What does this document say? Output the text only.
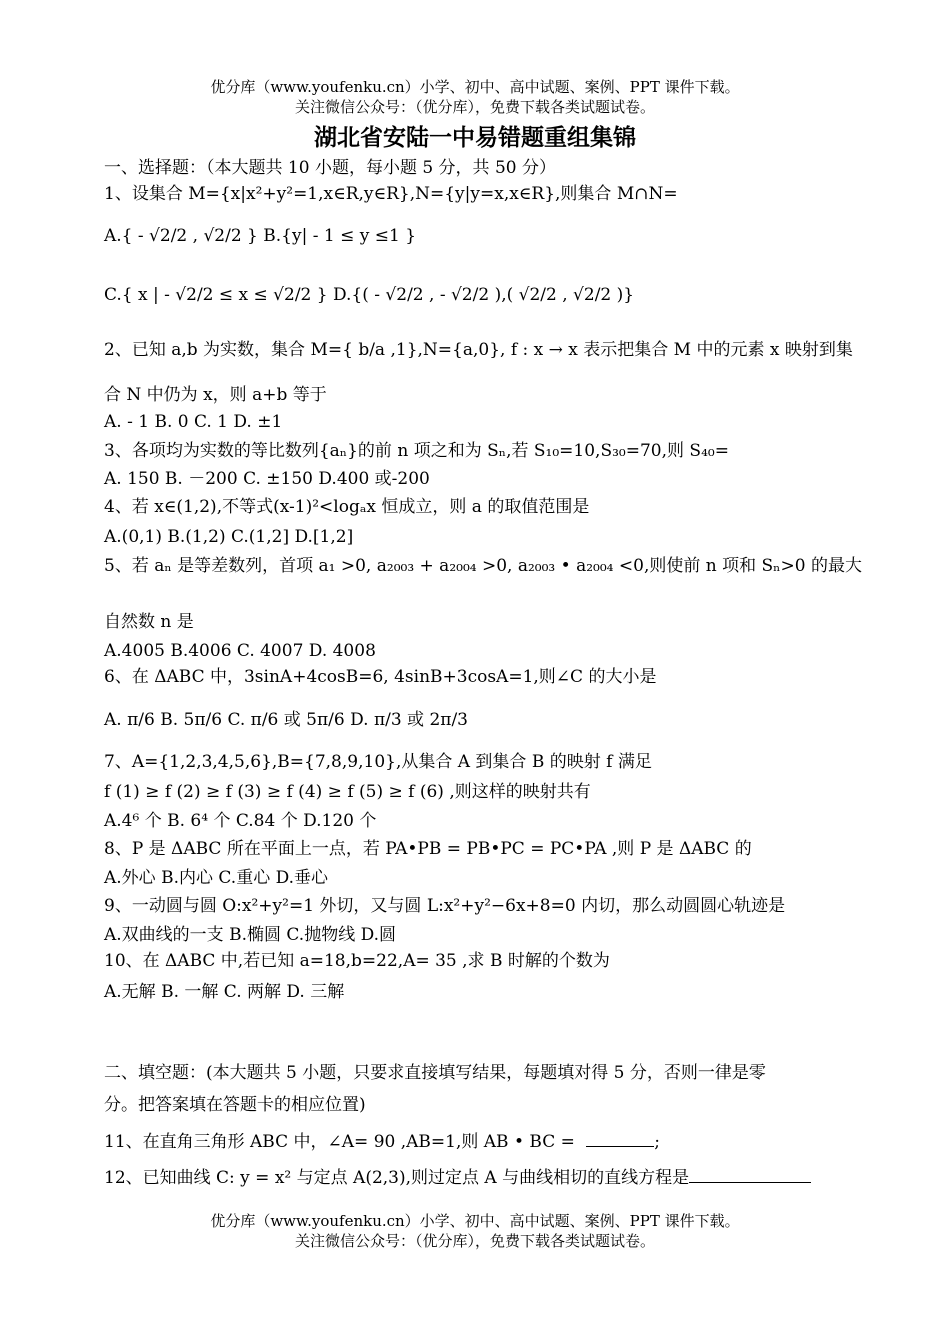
优分库（www.youfenku.cn）小学、初中、高中试题、案例、PPT 课件下载。
关注微信公众号：（优分库），免费下载各类试题试卷。
湖北省安陆一中易错题重组集锦
一、选择题：（本大题共 10 小题，每小题 5 分，共 50 分）
1、设集合 M={x|x²+y²=1,x∈R,y∈R},N={y|y=x,x∈R},则集合 M∩N=
A.{ - √2/2 , √2/2 } B.{y| - 1 ≤ y ≤1 }
C.{ x | - √2/2 ≤ x ≤ √2/2 } D.{( - √2/2 , - √2/2 ),( √2/2 , √2/2 )}
2、已知 a,b 为实数，集合 M={ b/a ,1},N={a,0}, f : x → x 表示把集合 M 中的元素 x 映射到集
合 N 中仍为 x，则 a+b 等于
A. - 1 B. 0 C. 1 D. ±1
3、各项均为实数的等比数列{aₙ}的前 n 项之和为 Sₙ,若 S₁₀=10,S₃₀=70,则 S₄₀=
A. 150 B. －200 C. ±150 D.400 或-200
4、若 x∈(1,2),不等式(x-1)²<logₐx 恒成立，则 a 的取值范围是
A.(0,1) B.(1,2) C.(1,2] D.[1,2]
5、若 aₙ 是等差数列，首项 a₁ >0, a₂₀₀₃ + a₂₀₀₄ >0, a₂₀₀₃ • a₂₀₀₄ <0,则使前 n 项和 Sₙ>0 的最大
自然数 n 是
A.4005 B.4006 C. 4007 D. 4008
6、在 ΔABC 中，3sinA+4cosB=6, 4sinB+3cosA=1,则∠C 的大小是
A. π/6 B. 5π/6 C. π/6 或 5π/6 D. π/3 或 2π/3
7、A={1,2,3,4,5,6},B={7,8,9,10},从集合 A 到集合 B 的映射 f 满足
f (1) ≥ f (2) ≥ f (3) ≥ f (4) ≥ f (5) ≥ f (6) ,则这样的映射共有
A.4⁶ 个 B. 6⁴ 个 C.84 个 D.120 个
8、P 是 ΔABC 所在平面上一点，若 PA•PB = PB•PC = PC•PA ,则 P 是 ΔABC 的
A.外心 B.内心 C.重心 D.垂心
9、一动圆与圆 O:x²+y²=1 外切，又与圆 L:x²+y²−6x+8=0 内切，那么动圆圆心轨迹是
A.双曲线的一支 B.椭圆 C.抛物线 D.圆
10、在 ΔABC 中,若已知 a=18,b=22,A= 35 ,求 B 时解的个数为
A.无解 B. 一解 C. 两解 D. 三解
二、填空题：(本大题共 5 小题，只要求直接填写结果，每题填对得 5 分，否则一律是零
分。把答案填在答题卡的相应位置)
11、在直角三角形 ABC 中，∠A= 90 ,AB=1,则 AB • BC =	;
12、已知曲线 C: y = x² 与定点 A(2,3),则过定点 A 与曲线相切的直线方程是
优分库（www.youfenku.cn）小学、初中、高中试题、案例、PPT 课件下载。
关注微信公众号：（优分库），免费下载各类试题试卷。
